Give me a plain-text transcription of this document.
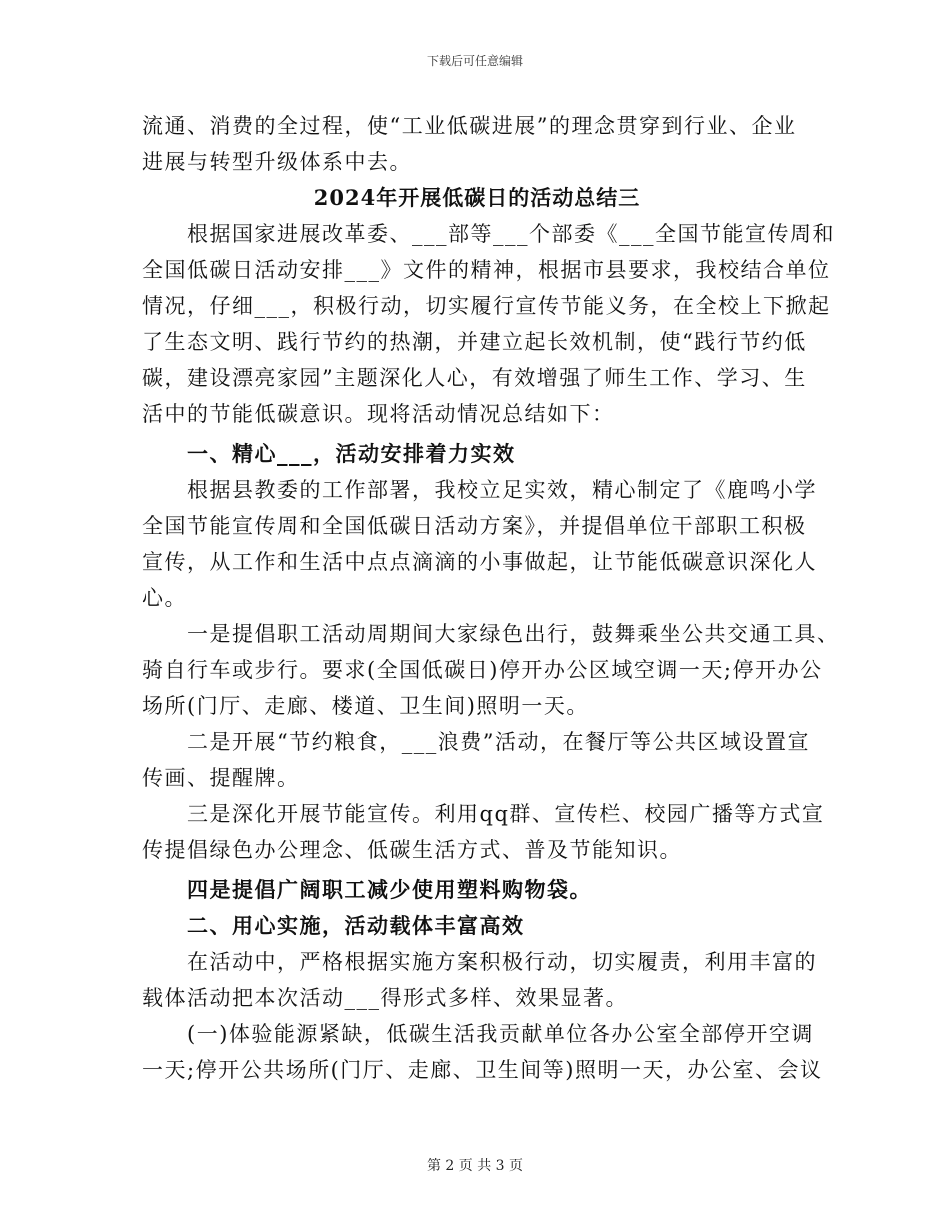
下载后可任意编辑
流通、消费的全过程，使“工业低碳进展”的理念贯穿到行业、企业
进展与转型升级体系中去。
2024年开展低碳日的活动总结三
根据国家进展改革委、___部等___个部委《___全国节能宣传周和
全国低碳日活动安排___》文件的精神，根据市县要求，我校结合单位
情况，仔细___，积极行动，切实履行宣传节能义务，在全校上下掀起
了生态文明、践行节约的热潮，并建立起长效机制，使“践行节约低
碳，建设漂亮家园”主题深化人心，有效增强了师生工作、学习、生
活中的节能低碳意识。现将活动情况总结如下：
一、精心___，活动安排着力实效
根据县教委的工作部署，我校立足实效，精心制定了《鹿鸣小学
全国节能宣传周和全国低碳日活动方案》，并提倡单位干部职工积极
宣传，从工作和生活中点点滴滴的小事做起，让节能低碳意识深化人
心。
一是提倡职工活动周期间大家绿色出行，鼓舞乘坐公共交通工具、
骑自行车或步行。要求(全国低碳日)停开办公区域空调一天;停开办公
场所(门厅、走廊、楼道、卫生间)照明一天。
二是开展“节约粮食，___浪费”活动，在餐厅等公共区域设置宣
传画、提醒牌。
三是深化开展节能宣传。利用qq群、宣传栏、校园广播等方式宣
传提倡绿色办公理念、低碳生活方式、普及节能知识。
四是提倡广阔职工减少使用塑料购物袋。
二、用心实施，活动载体丰富高效
在活动中，严格根据实施方案积极行动，切实履责，利用丰富的
载体活动把本次活动___得形式多样、效果显著。
(一)体验能源紧缺，低碳生活我贡献单位各办公室全部停开空调
一天;停开公共场所(门厅、走廊、卫生间等)照明一天，办公室、会议
第 2 页 共 3 页
